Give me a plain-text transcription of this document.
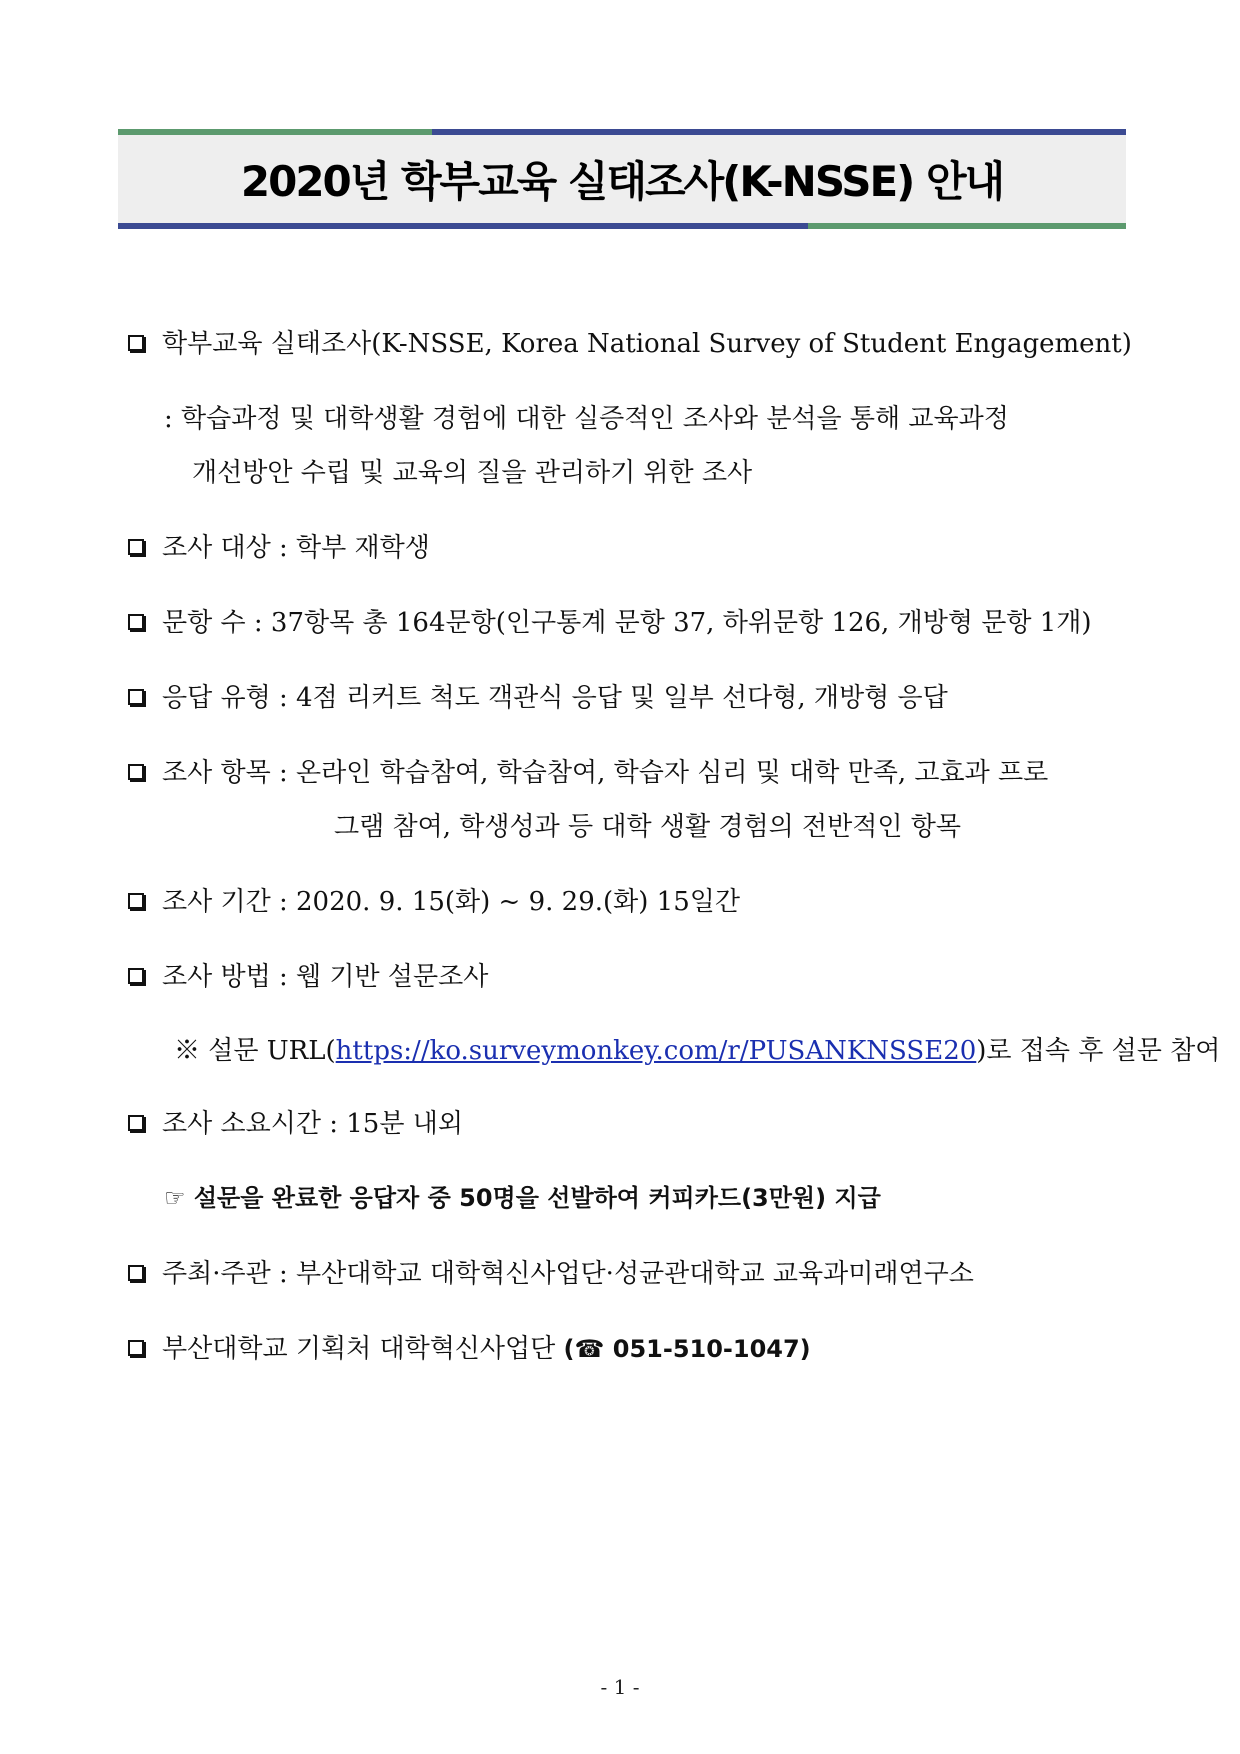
2020년 학부교육 실태조사(K-NSSE) 안내
학부교육 실태조사(K-NSSE, Korea National Survey of Student Engagement)
: 학습과정 및 대학생활 경험에 대한 실증적인 조사와 분석을 통해 교육과정
개선방안 수립 및 교육의 질을 관리하기 위한 조사
조사 대상 : 학부 재학생
문항 수 : 37항목 총 164문항(인구통계 문항 37, 하위문항 126, 개방형 문항 1개)
응답 유형 : 4점 리커트 척도 객관식 응답 및 일부 선다형, 개방형 응답
조사 항목 : 온라인 학습참여, 학습참여, 학습자 심리 및 대학 만족, 고효과 프로
그램 참여, 학생성과 등 대학 생활 경험의 전반적인 항목
조사 기간 : 2020. 9. 15(화) ~ 9. 29.(화) 15일간
조사 방법 : 웹 기반 설문조사
※ 설문 URL(https://ko.surveymonkey.com/r/PUSANKNSSE20)로 접속 후 설문 참여
조사 소요시간 : 15분 내외
☞ 설문을 완료한 응답자 중 50명을 선발하여 커피카드(3만원) 지급
주최·주관 : 부산대학교 대학혁신사업단·성균관대학교 교육과미래연구소
부산대학교 기획처 대학혁신사업단 (☎ 051-510-1047)
- 1 -
